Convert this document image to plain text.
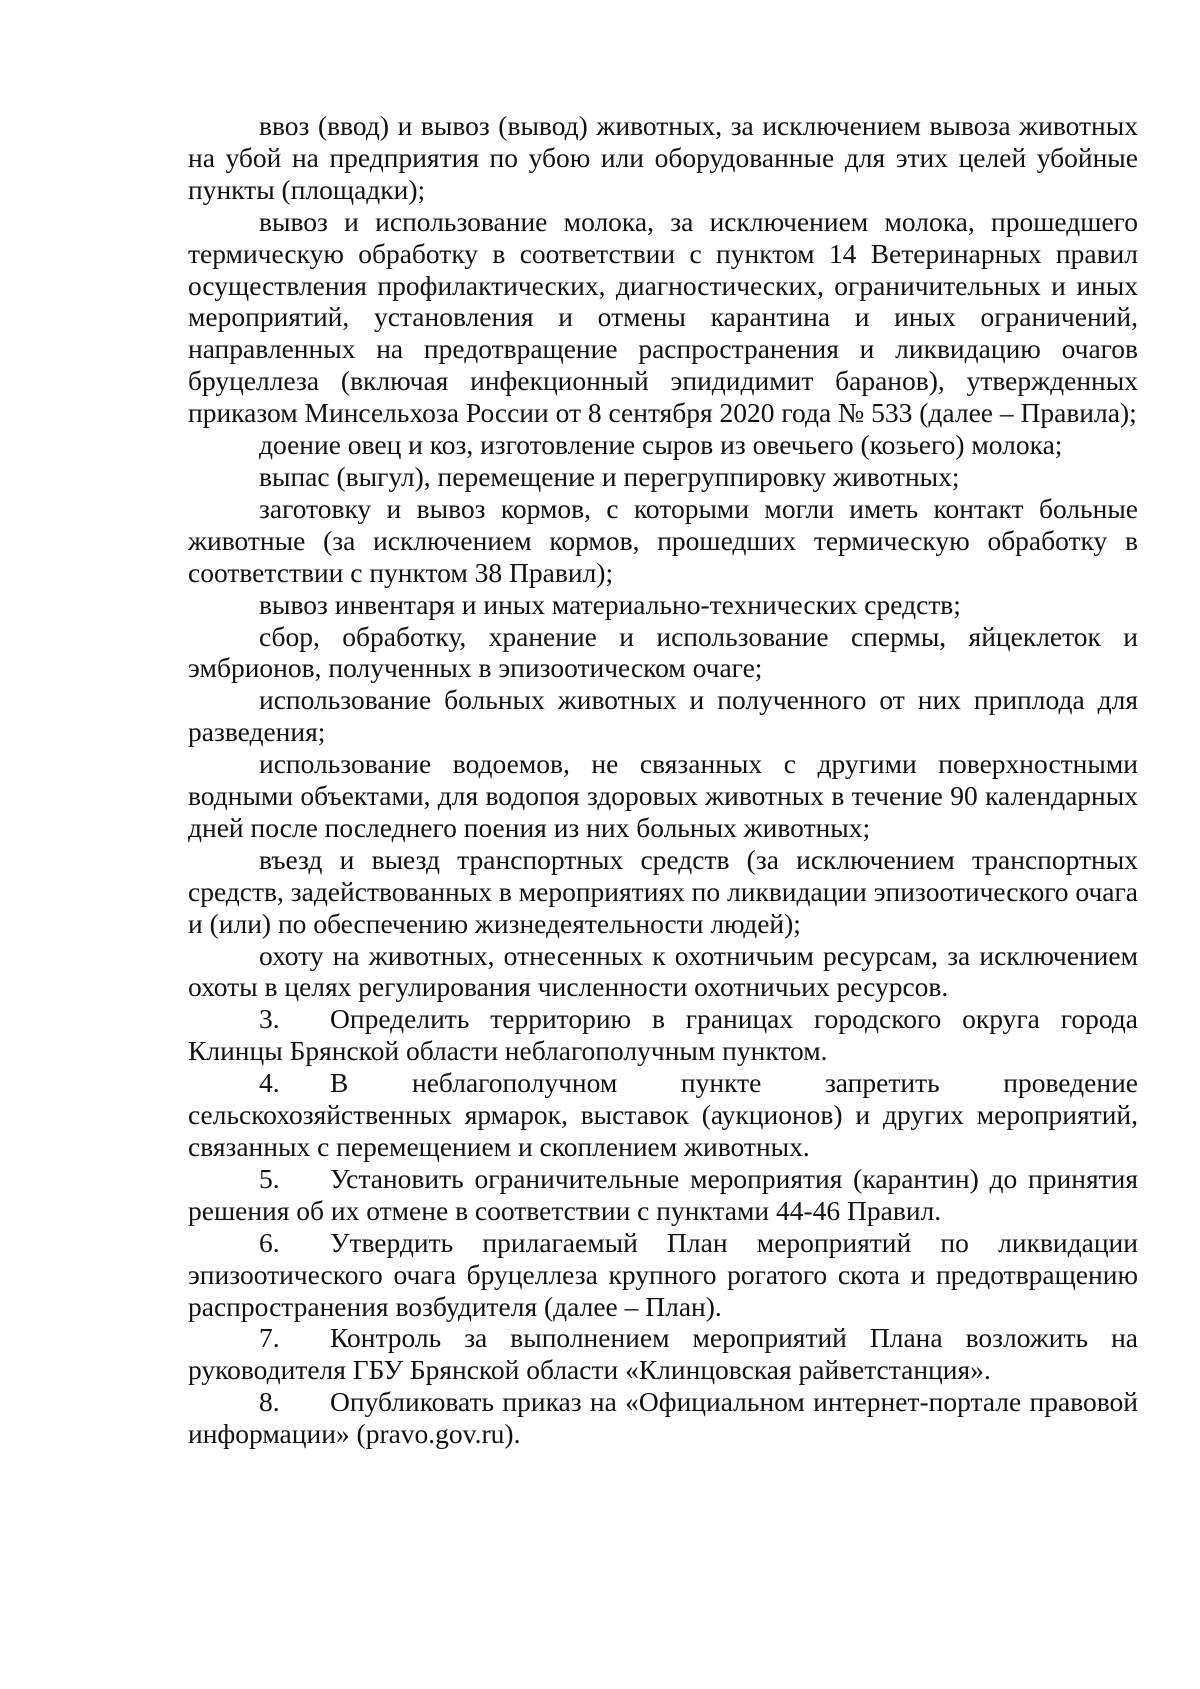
ввоз (ввод) и вывоз (вывод) животных, за исключением вывоза животных на убой на предприятия по убою или оборудованные для этих целей убойные пункты (площадки);

вывоз и использование молока, за исключением молока, прошедшего термическую обработку в соответствии с пунктом 14 Ветеринарных правил осуществления профилактических, диагностических, ограничительных и иных мероприятий, установления и отмены карантина и иных ограничений, направленных на предотвращение распространения и ликвидацию очагов бруцеллеза (включая инфекционный эпидидимит баранов), утвержденных приказом Минсельхоза России от 8 сентября 2020 года № 533 (далее – Правила);

доение овец и коз, изготовление сыров из овечьего (козьего) молока;

выпас (выгул), перемещение и перегруппировку животных;

заготовку и вывоз кормов, с которыми могли иметь контакт больные животные (за исключением кормов, прошедших термическую обработку в соответствии с пунктом 38 Правил);

вывоз инвентаря и иных материально-технических средств;

сбор, обработку, хранение и использование спермы, яйцеклеток и эмбрионов, полученных в эпизоотическом очаге;

использование больных животных и полученного от них приплода для разведения;

использование водоемов, не связанных с другими поверхностными водными объектами, для водопоя здоровых животных в течение 90 календарных дней после последнего поения из них больных животных;

въезд и выезд транспортных средств (за исключением транспортных средств, задействованных в мероприятиях по ликвидации эпизоотического очага и (или) по обеспечению жизнедеятельности людей);

охоту на животных, отнесенных к охотничьим ресурсам, за исключением охоты в целях регулирования численности охотничьих ресурсов.

3. Определить территорию в границах городского округа города Клинцы Брянской области неблагополучным пунктом.

4. В неблагополучном пункте запретить проведение сельскохозяйственных ярмарок, выставок (аукционов) и других мероприятий, связанных с перемещением и скоплением животных.

5. Установить ограничительные мероприятия (карантин) до принятия решения об их отмене в соответствии с пунктами 44-46 Правил.

6. Утвердить прилагаемый План мероприятий по ликвидации эпизоотического очага бруцеллеза крупного рогатого скота и предотвращению распространения возбудителя (далее – План).

7. Контроль за выполнением мероприятий Плана возложить на руководителя ГБУ Брянской области «Клинцовская райветстанция».

8. Опубликовать приказ на «Официальном интернет-портале правовой информации» (pravo.gov.ru).
